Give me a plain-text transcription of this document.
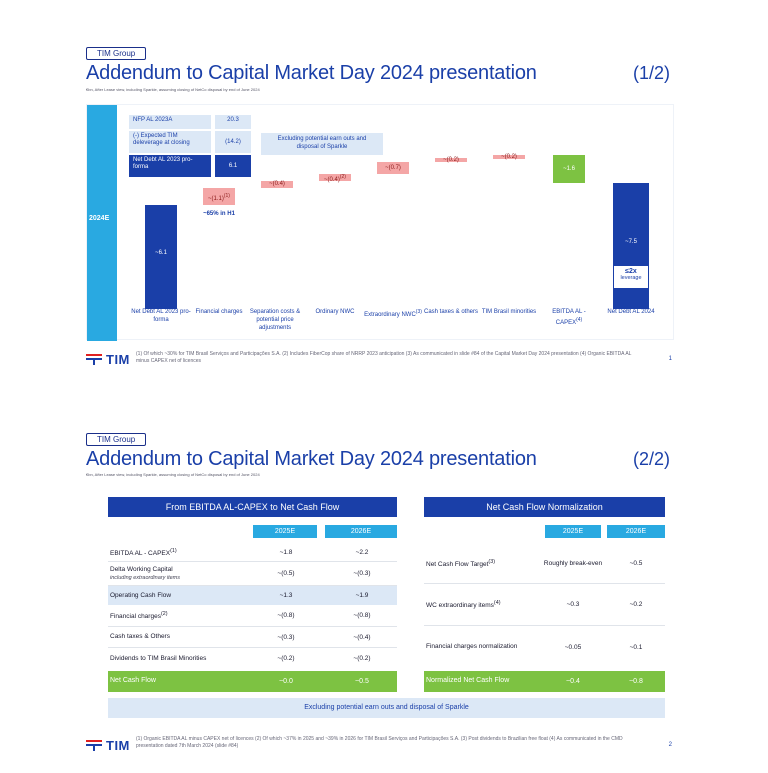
TIM Group
Addendum to Capital Market Day 2024 presentation	(1/2)
€bn, After Lease view, including Sparkle, assuming closing of NetCo disposal by end of June 2024
2024E
NFP AL 2023A	20.3
(-) Expected TIM deleverage at closing	(14.2)
Net Debt AL 2023 pro-forma	6.1
Excluding potential earn outs and disposal of Sparkle
~6.1
$\sim(1.1)^{(1)}$
~65% in H1
~(0.4)
$\sim(0.4)^{(2)}$
~(0.7)
~(0.2)	~(0.2)
~1.6
~7.5
≤2x
leverage
Net Debt AL 2023 pro-forma
Financial charges	Separation costs & potential price adjustments
Ordinary NWC	Extraordinary NWC$^{(3)}$ Cash taxes & others TIM Brasil minorities	EBITDA AL - CAPEX$^{(4)}$
Net Debt AL 2024
TIM (1) Of which ~30% for TIM Brasil Serviços and Participações S.A. (2) Includes FiberCop share of NRRP 2023 anticipation (3) As communicated in slide #84 of the Capital Market Day 2024 presentation (4) Organic EBITDA AL minus CAPEX net of licences	1
TIM Group
Addendum to Capital Market Day 2024 presentation	(2/2)
€bn, After Lease view, including Sparkle, assuming closing of NetCo disposal by end of June 2024
From EBITDA AL-CAPEX to Net Cash Flow
2025E	2026E
EBITDA AL - CAPEX$^{(1)}$	~1.8	~2.2
Delta Working Capital
including extraordinary items
~(0.5)	~(0.3)
Operating Cash Flow	~1.3	~1.9
Financial charges$^{(2)}$	~(0.8)	~(0.8)
Cash taxes & Others	~(0.3)	~(0.4)
Dividends to TIM Brasil Minorities	~(0.2)	~(0.2)
Net Cash Flow	~0.0	~0.5
Net Cash Flow Normalization
2025E	2026E
Net Cash Flow Target$^{(3)}$	Roughly break-even	~0.5
WC extraordinary items$^{(4)}$	~0.3	~0.2
Financial charges normalization	~0.05	~0.1
Normalized Net Cash Flow	~0.4	~0.8
Excluding potential earn outs and disposal of Sparkle
TIM (1) Organic EBITDA AL minus CAPEX net of licences (2) Of which ~37% in 2025 and ~39% in 2026 for TIM Brasil Serviços and Participações S.A. (3) Post dividends to Brazilian free float (4) As communicated in the CMD presentation dated 7th March 2024 (slide #84)	2
